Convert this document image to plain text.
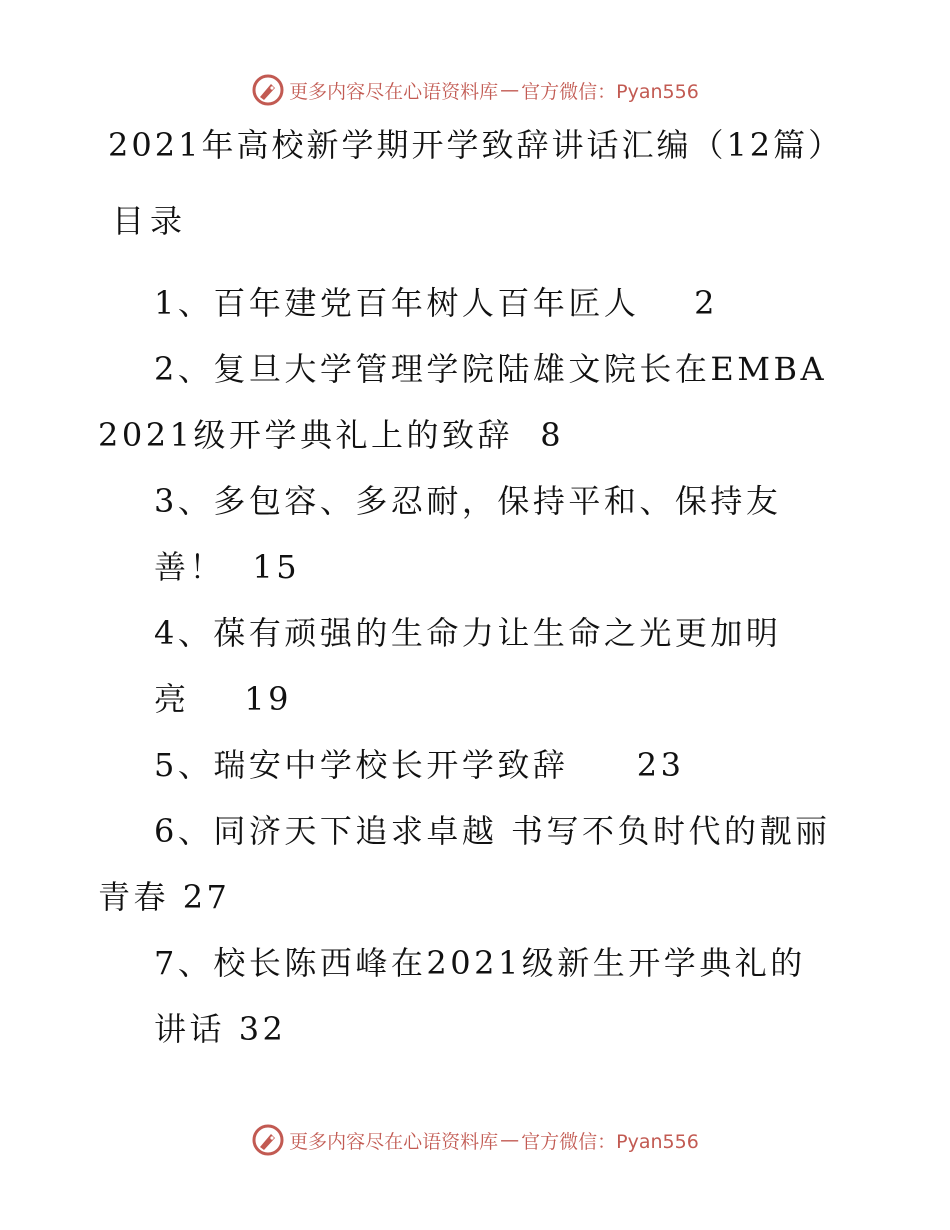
更多内容尽在心语资料库 — 官方微信：Pyan556
2021年高校新学期开学致辞讲话汇编（12篇）
目录
1、百年建党百年树人百年匠人 2
2、复旦大学管理学院陆雄文院长在EMBA2021级开学典礼上的致辞 8
3、多包容、多忍耐，保持平和、保持友善！ 15
4、葆有顽强的生命力让生命之光更加明亮 19
5、瑞安中学校长开学致辞 23
6、同济天下追求卓越 书写不负时代的靓丽青春 27
7、校长陈西峰在2021级新生开学典礼的讲话 32
更多内容尽在心语资料库 — 官方微信：Pyan556
